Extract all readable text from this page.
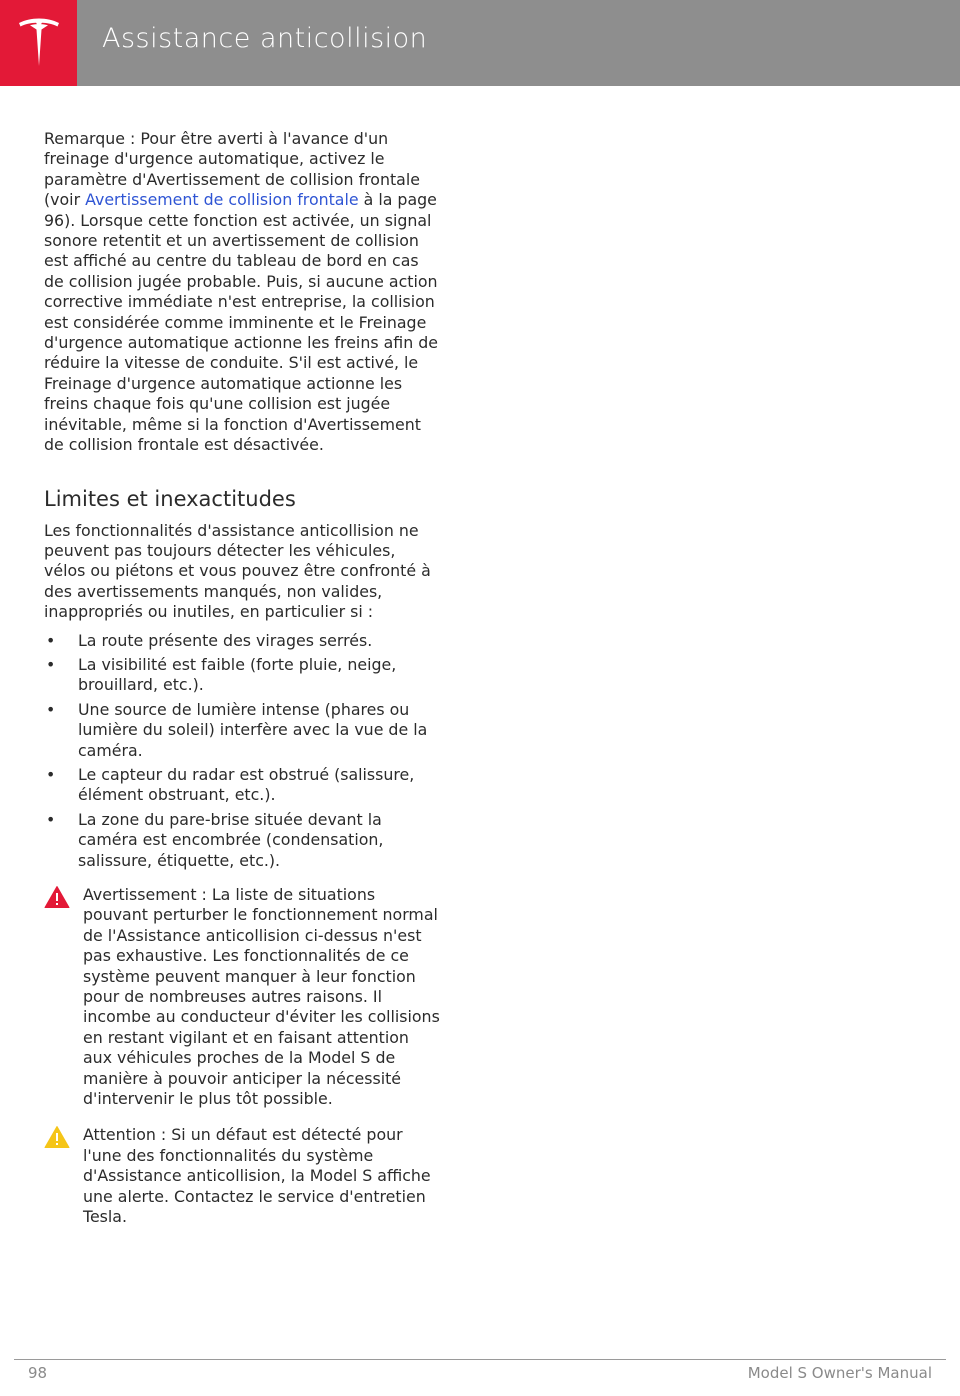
Assistance anticollision

Remarque : Pour être averti à l'avance d'un freinage d'urgence automatique, activez le paramètre d'Avertissement de collision frontale (voir Avertissement de collision frontale à la page 96). Lorsque cette fonction est activée, un signal sonore retentit et un avertissement de collision est affiché au centre du tableau de bord en cas de collision jugée probable. Puis, si aucune action corrective immédiate n'est entreprise, la collision est considérée comme imminente et le Freinage d'urgence automatique actionne les freins afin de réduire la vitesse de conduite. S'il est activé, le Freinage d'urgence automatique actionne les freins chaque fois qu'une collision est jugée inévitable, même si la fonction d'Avertissement de collision frontale est désactivée.

Limites et inexactitudes

Les fonctionnalités d'assistance anticollision ne peuvent pas toujours détecter les véhicules, vélos ou piétons et vous pouvez être confronté à des avertissements manqués, non valides, inappropriés ou inutiles, en particulier si :

• La route présente des virages serrés.
• La visibilité est faible (forte pluie, neige, brouillard, etc.).
• Une source de lumière intense (phares ou lumière du soleil) interfère avec la vue de la caméra.
• Le capteur du radar est obstrué (salissure, élément obstruant, etc.).
• La zone du pare-brise située devant la caméra est encombrée (condensation, salissure, étiquette, etc.).

Avertissement : La liste de situations pouvant perturber le fonctionnement normal de l'Assistance anticollision ci-dessus n'est pas exhaustive. Les fonctionnalités de ce système peuvent manquer à leur fonction pour de nombreuses autres raisons. Il incombe au conducteur d'éviter les collisions en restant vigilant et en faisant attention aux véhicules proches de la Model S de manière à pouvoir anticiper la nécessité d'intervenir le plus tôt possible.

Attention : Si un défaut est détecté pour l'une des fonctionnalités du système d'Assistance anticollision, la Model S affiche une alerte. Contactez le service d'entretien Tesla.

98	Model S Owner's Manual
